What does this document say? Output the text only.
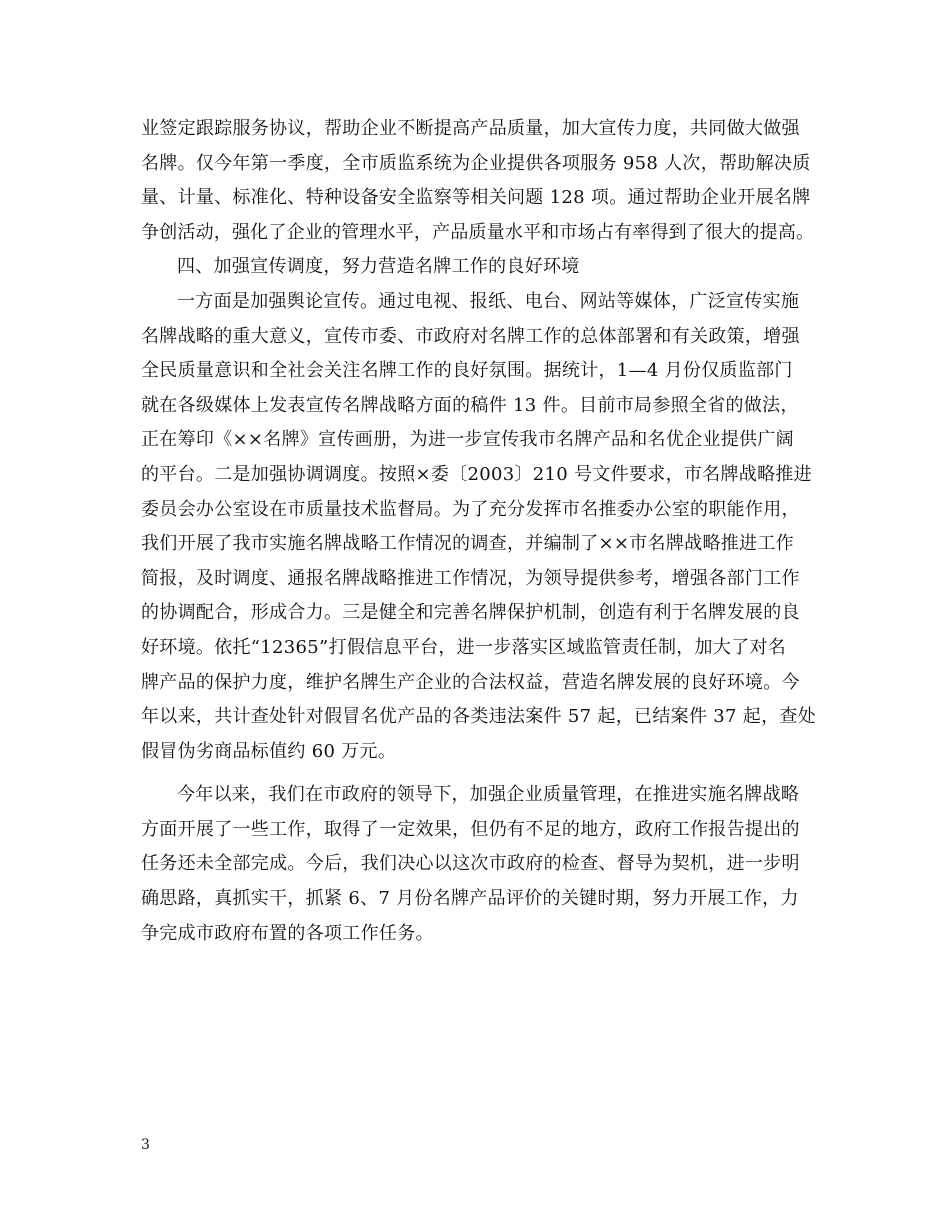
业签定跟踪服务协议，帮助企业不断提高产品质量，加大宣传力度，共同做大做强
名牌。仅今年第一季度，全市质监系统为企业提供各项服务 958 人次，帮助解决质
量、计量、标准化、特种设备安全监察等相关问题 128 项。通过帮助企业开展名牌
争创活动，强化了企业的管理水平，产品质量水平和市场占有率得到了很大的提高。

四、加强宣传调度，努力营造名牌工作的良好环境

一方面是加强舆论宣传。通过电视、报纸、电台、网站等媒体，广泛宣传实施
名牌战略的重大意义，宣传市委、市政府对名牌工作的总体部署和有关政策，增强
全民质量意识和全社会关注名牌工作的良好氛围。据统计，1—4 月份仅质监部门
就在各级媒体上发表宣传名牌战略方面的稿件 13 件。目前市局参照全省的做法，
正在筹印《××名牌》宣传画册，为进一步宣传我市名牌产品和名优企业提供广阔
的平台。二是加强协调调度。按照×委〔2003〕210 号文件要求，市名牌战略推进
委员会办公室设在市质量技术监督局。为了充分发挥市名推委办公室的职能作用，
我们开展了我市实施名牌战略工作情况的调查，并编制了××市名牌战略推进工作
简报，及时调度、通报名牌战略推进工作情况，为领导提供参考，增强各部门工作
的协调配合，形成合力。三是健全和完善名牌保护机制，创造有利于名牌发展的良
好环境。依托“12365”打假信息平台，进一步落实区域监管责任制，加大了对名
牌产品的保护力度，维护名牌生产企业的合法权益，营造名牌发展的良好环境。今
年以来，共计查处针对假冒名优产品的各类违法案件 57 起，已结案件 37 起，查处
假冒伪劣商品标值约 60 万元。

今年以来，我们在市政府的领导下，加强企业质量管理，在推进实施名牌战略
方面开展了一些工作，取得了一定效果，但仍有不足的地方，政府工作报告提出的
任务还未全部完成。今后，我们决心以这次市政府的检查、督导为契机，进一步明
确思路，真抓实干，抓紧 6、7 月份名牌产品评价的关键时期，努力开展工作，力
争完成市政府布置的各项工作任务。

3
